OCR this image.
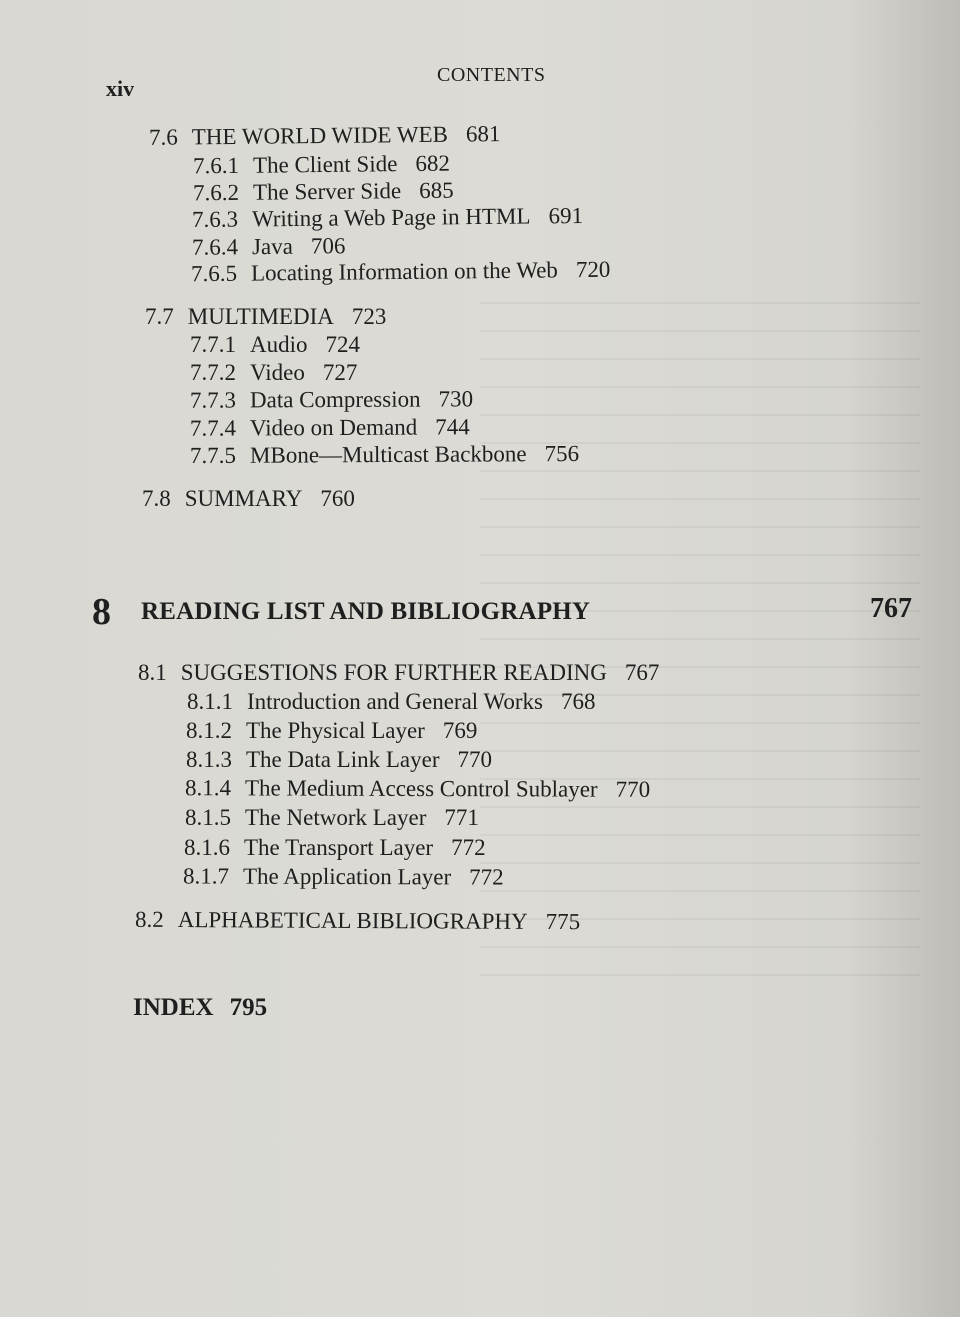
xiv
CONTENTS
7.6 THE WORLD WIDE WEB 681
7.6.1 The Client Side 682
7.6.2 The Server Side 685
7.6.3 Writing a Web Page in HTML 691
7.6.4 Java 706
7.6.5 Locating Information on the Web 720
7.7 MULTIMEDIA 723
7.7.1 Audio 724
7.7.2 Video 727
7.7.3 Data Compression 730
7.7.4 Video on Demand 744
7.7.5 MBone—Multicast Backbone 756
7.8 SUMMARY 760
8 READING LIST AND BIBLIOGRAPHY	767
8.1 SUGGESTIONS FOR FURTHER READING 767
8.1.1 Introduction and General Works 768
8.1.2 The Physical Layer 769
8.1.3 The Data Link Layer 770
8.1.4 The Medium Access Control Sublayer 770
8.1.5 The Network Layer 771
8.1.6 The Transport Layer 772
8.1.7 The Application Layer 772
8.2 ALPHABETICAL BIBLIOGRAPHY 775
INDEX 795
